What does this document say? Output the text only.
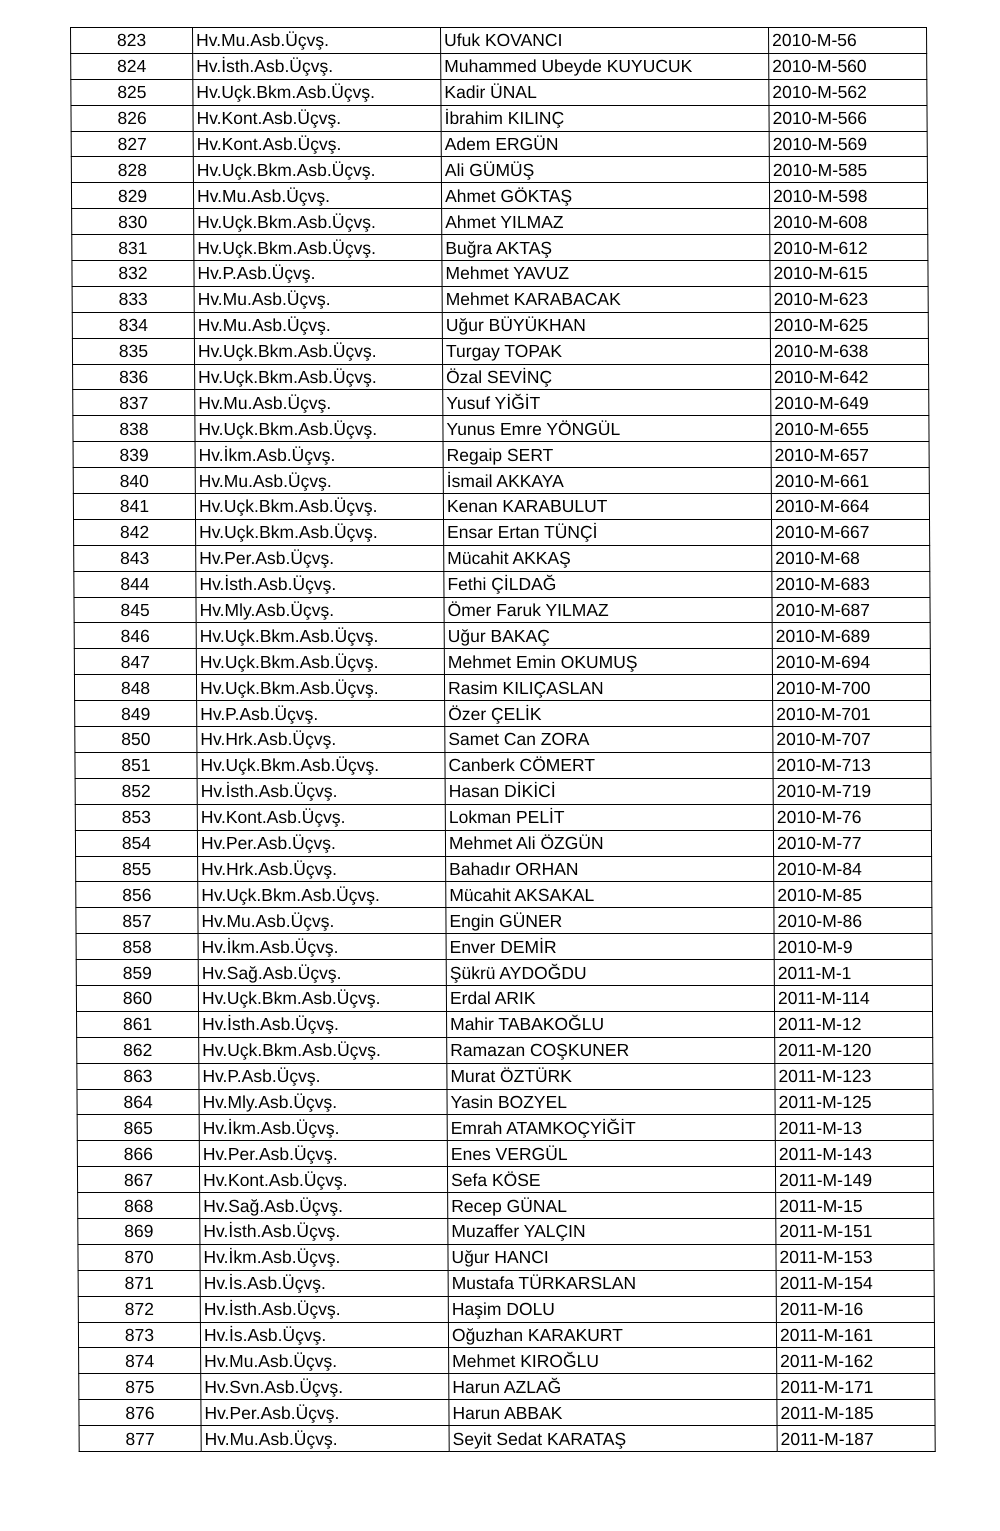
823	Hv.Mu.Asb.Üçvş.	Ufuk KOVANCI	2010-M-56
824	Hv.İsth.Asb.Üçvş.	Muhammed Ubeyde KUYUCUK	2010-M-560
825	Hv.Uçk.Bkm.Asb.Üçvş.	Kadir ÜNAL	2010-M-562
826	Hv.Kont.Asb.Üçvş.	İbrahim KILINÇ	2010-M-566
827	Hv.Kont.Asb.Üçvş.	Adem ERGÜN	2010-M-569
828	Hv.Uçk.Bkm.Asb.Üçvş.	Ali GÜMÜŞ	2010-M-585
829	Hv.Mu.Asb.Üçvş.	Ahmet GÖKTAŞ	2010-M-598
830	Hv.Uçk.Bkm.Asb.Üçvş.	Ahmet YILMAZ	2010-M-608
831	Hv.Uçk.Bkm.Asb.Üçvş.	Buğra AKTAŞ	2010-M-612
832	Hv.P.Asb.Üçvş.	Mehmet YAVUZ	2010-M-615
833	Hv.Mu.Asb.Üçvş.	Mehmet KARABACAK	2010-M-623
834	Hv.Mu.Asb.Üçvş.	Uğur BÜYÜKHAN	2010-M-625
835	Hv.Uçk.Bkm.Asb.Üçvş.	Turgay TOPAK	2010-M-638
836	Hv.Uçk.Bkm.Asb.Üçvş.	Özal SEVİNÇ	2010-M-642
837	Hv.Mu.Asb.Üçvş.	Yusuf YİĞİT	2010-M-649
838	Hv.Uçk.Bkm.Asb.Üçvş.	Yunus Emre YÖNGÜL	2010-M-655
839	Hv.İkm.Asb.Üçvş.	Regaip SERT	2010-M-657
840	Hv.Mu.Asb.Üçvş.	İsmail AKKAYA	2010-M-661
841	Hv.Uçk.Bkm.Asb.Üçvş.	Kenan KARABULUT	2010-M-664
842	Hv.Uçk.Bkm.Asb.Üçvş.	Ensar Ertan TÜNÇİ	2010-M-667
843	Hv.Per.Asb.Üçvş.	Mücahit AKKAŞ	2010-M-68
844	Hv.İsth.Asb.Üçvş.	Fethi ÇİLDAĞ	2010-M-683
845	Hv.Mly.Asb.Üçvş.	Ömer Faruk YILMAZ	2010-M-687
846	Hv.Uçk.Bkm.Asb.Üçvş.	Uğur BAKAÇ	2010-M-689
847	Hv.Uçk.Bkm.Asb.Üçvş.	Mehmet Emin OKUMUŞ	2010-M-694
848	Hv.Uçk.Bkm.Asb.Üçvş.	Rasim KILIÇASLAN	2010-M-700
849	Hv.P.Asb.Üçvş.	Özer ÇELİK	2010-M-701
850	Hv.Hrk.Asb.Üçvş.	Samet Can ZORA	2010-M-707
851	Hv.Uçk.Bkm.Asb.Üçvş.	Canberk CÖMERT	2010-M-713
852	Hv.İsth.Asb.Üçvş.	Hasan DİKİCİ	2010-M-719
853	Hv.Kont.Asb.Üçvş.	Lokman PELİT	2010-M-76
854	Hv.Per.Asb.Üçvş.	Mehmet Ali ÖZGÜN	2010-M-77
855	Hv.Hrk.Asb.Üçvş.	Bahadır ORHAN	2010-M-84
856	Hv.Uçk.Bkm.Asb.Üçvş.	Mücahit AKSAKAL	2010-M-85
857	Hv.Mu.Asb.Üçvş.	Engin GÜNER	2010-M-86
858	Hv.İkm.Asb.Üçvş.	Enver DEMİR	2010-M-9
859	Hv.Sağ.Asb.Üçvş.	Şükrü AYDOĞDU	2011-M-1
860	Hv.Uçk.Bkm.Asb.Üçvş.	Erdal ARIK	2011-M-114
861	Hv.İsth.Asb.Üçvş.	Mahir TABAKOĞLU	2011-M-12
862	Hv.Uçk.Bkm.Asb.Üçvş.	Ramazan COŞKUNER	2011-M-120
863	Hv.P.Asb.Üçvş.	Murat ÖZTÜRK	2011-M-123
864	Hv.Mly.Asb.Üçvş.	Yasin BOZYEL	2011-M-125
865	Hv.İkm.Asb.Üçvş.	Emrah ATAMKOÇYİĞİT	2011-M-13
866	Hv.Per.Asb.Üçvş.	Enes VERGÜL	2011-M-143
867	Hv.Kont.Asb.Üçvş.	Sefa KÖSE	2011-M-149
868	Hv.Sağ.Asb.Üçvş.	Recep GÜNAL	2011-M-15
869	Hv.İsth.Asb.Üçvş.	Muzaffer YALÇIN	2011-M-151
870	Hv.İkm.Asb.Üçvş.	Uğur HANCI	2011-M-153
871	Hv.İs.Asb.Üçvş.	Mustafa TÜRKARSLAN	2011-M-154
872	Hv.İsth.Asb.Üçvş.	Haşim DOLU	2011-M-16
873	Hv.İs.Asb.Üçvş.	Oğuzhan KARAKURT	2011-M-161
874	Hv.Mu.Asb.Üçvş.	Mehmet KIROĞLU	2011-M-162
875	Hv.Svn.Asb.Üçvş.	Harun AZLAĞ	2011-M-171
876	Hv.Per.Asb.Üçvş.	Harun ABBAK	2011-M-185
877	Hv.Mu.Asb.Üçvş.	Seyit Sedat KARATAŞ	2011-M-187
